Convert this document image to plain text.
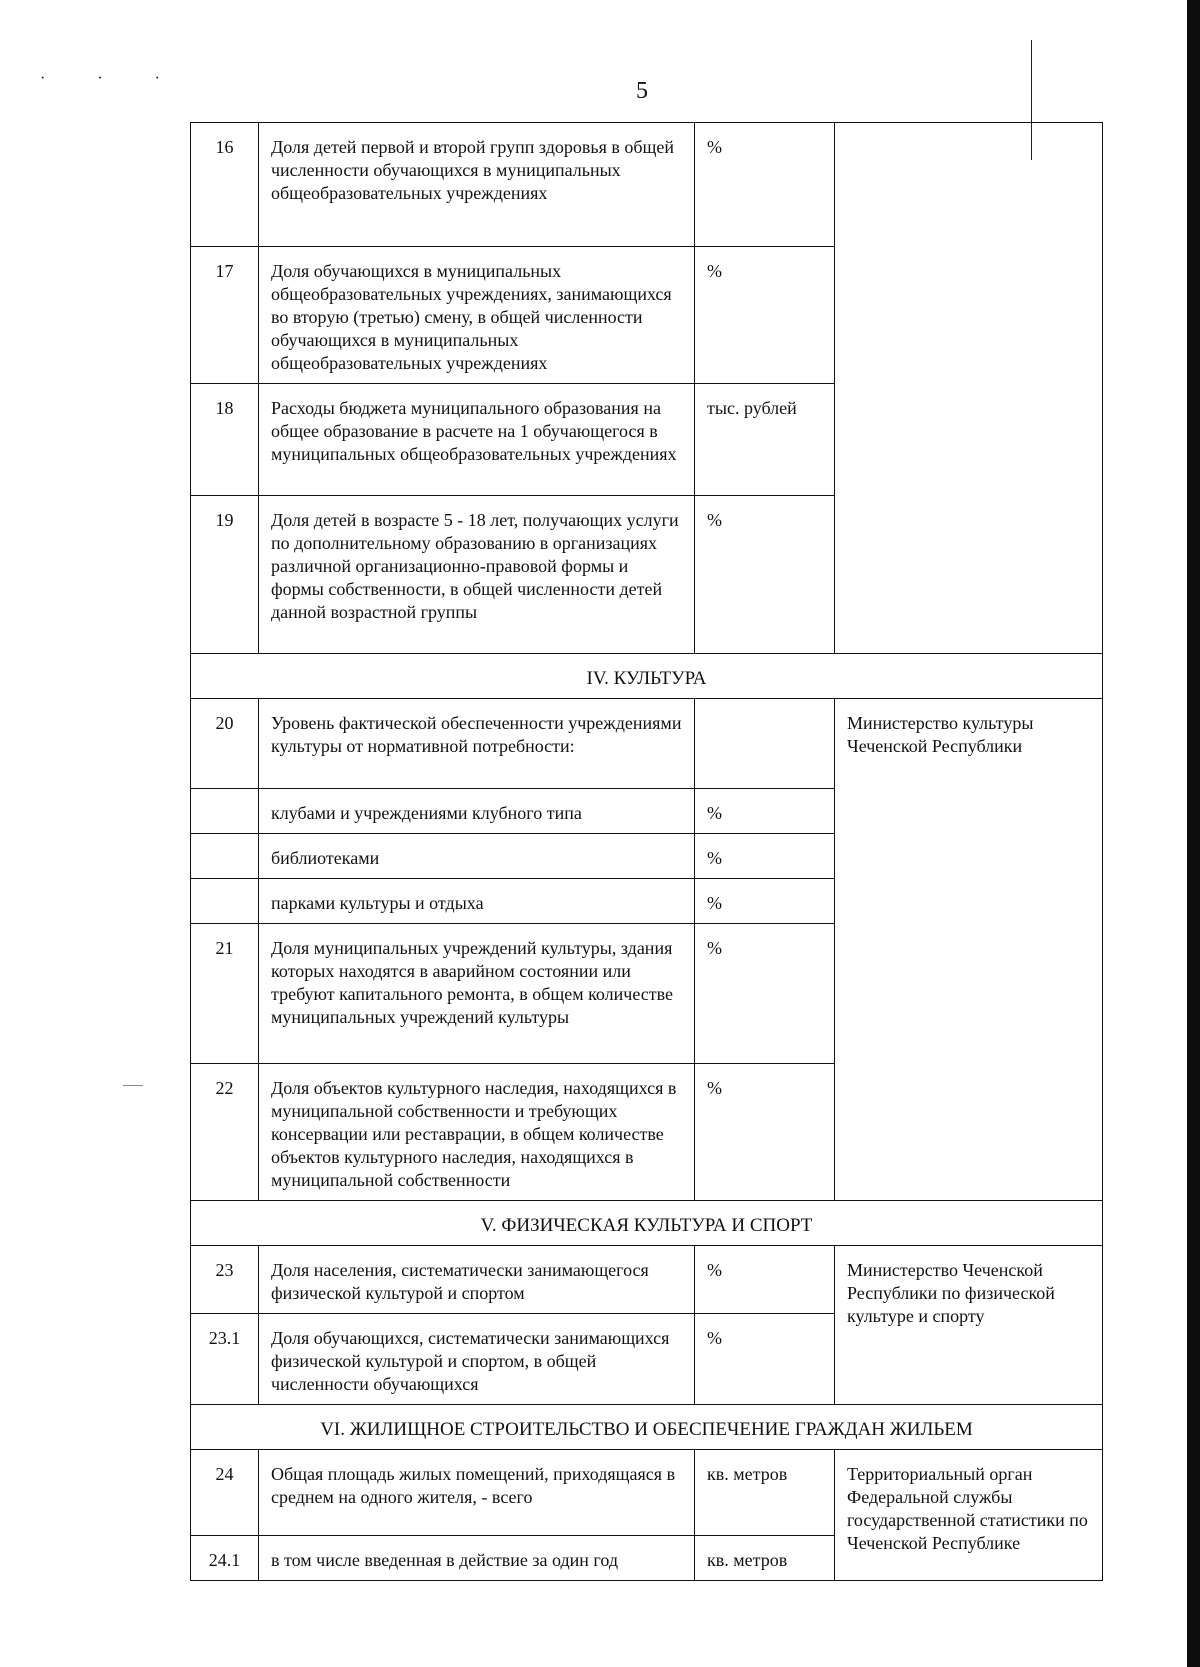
· · ·	5
16	Доля детей первой и второй групп здоровья в общей численности обучающихся в муниципальных общеобразовательных учреждениях	%	
17	Доля обучающихся в муниципальных общеобразовательных учреждениях, занимающихся во вторую (третью) смену, в общей численности обучающихся в муниципальных общеобразовательных учреждениях	%	
18	Расходы бюджета муниципального образования на общее образование в расчете на 1 обучающегося в муниципальных общеобразовательных учреждениях	тыс. рублей	
19	Доля детей в возрасте 5 - 18 лет, получающих услуги по дополнительному образованию в организациях различной организационно-правовой формы и формы собственности, в общей численности детей данной возрастной группы	%	
IV. КУЛЬТУРА			
20	Уровень фактической обеспеченности учреждениями культуры от нормативной потребности:		Министерство культуры Чеченской Республики
	клубами и учреждениями клубного типа	%	
	библиотеками	%	
	парками культуры и отдыха	%	
21	Доля муниципальных учреждений культуры, здания которых находятся в аварийном состоянии или требуют капитального ремонта, в общем количестве муниципальных учреждений культуры	%	
22	Доля объектов культурного наследия, находящихся в муниципальной собственности и требующих консервации или реставрации, в общем количестве объектов культурного наследия, находящихся в муниципальной собственности	%	
V. ФИЗИЧЕСКАЯ КУЛЬТУРА И СПОРТ			
23	Доля населения, систематически занимающегося физической культурой и спортом	%	Министерство Чеченской Республики по физической культуре и спорту
23.1	Доля обучающихся, систематически занимающихся физической культурой и спортом, в общей численности обучающихся	%	
VI. ЖИЛИЩНОЕ СТРОИТЕЛЬСТВО И ОБЕСПЕЧЕНИЕ ГРАЖДАН ЖИЛЬЕМ			
24	Общая площадь жилых помещений, приходящаяся в среднем на одного жителя, - всего	кв. метров	Территориальный орган Федеральной службы государственной статистики по Чеченской Республике
24.1	в том числе введенная в действие за один год	кв. метров	
